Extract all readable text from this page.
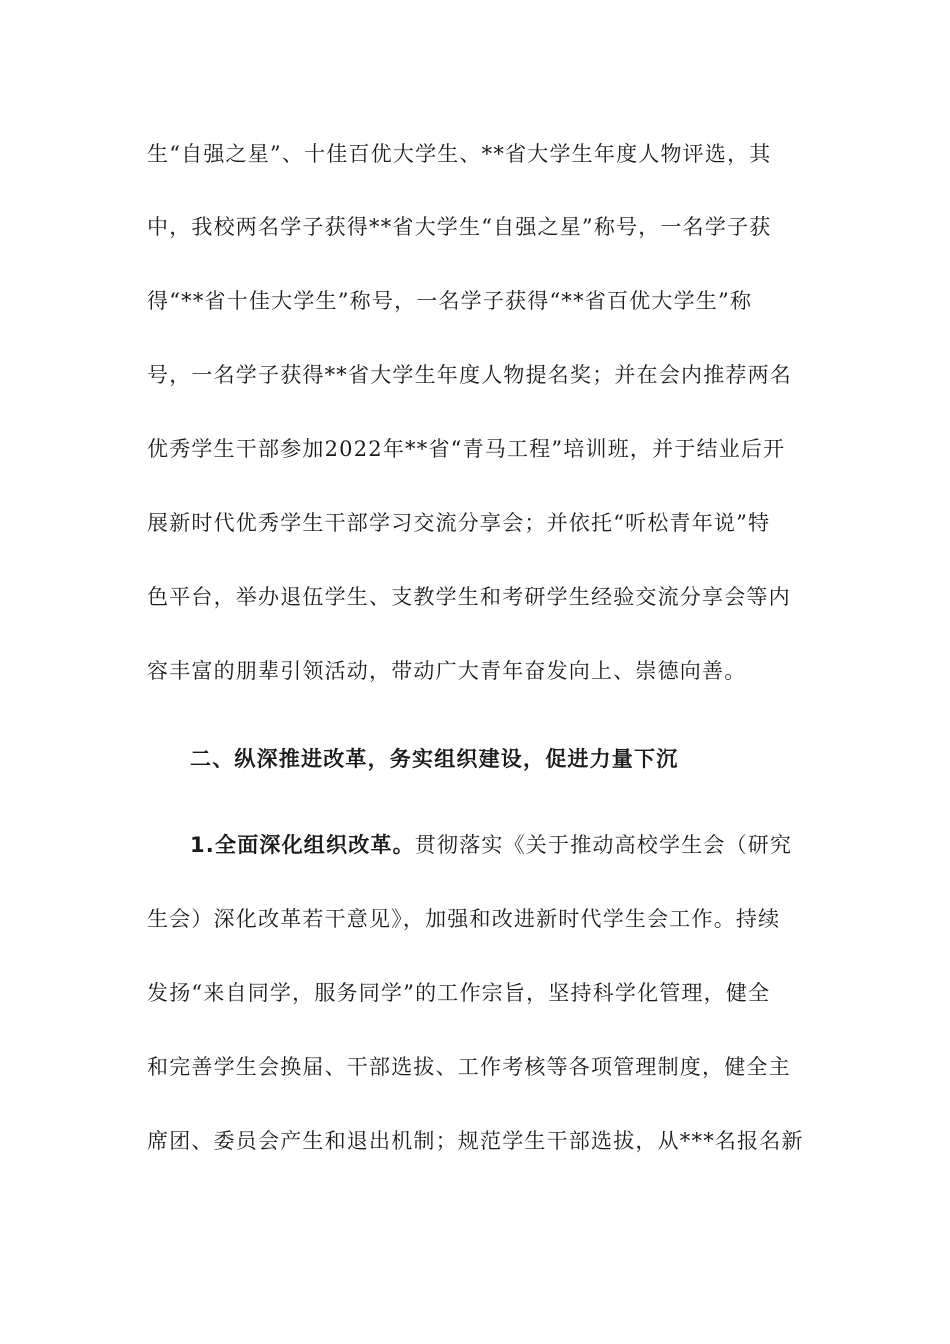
生“自强之星”、十佳百优大学生、**省大学生年度人物评选，其
中，我校两名学子获得**省大学生“自强之星”称号，一名学子获
得“**省十佳大学生”称号，一名学子获得“**省百优大学生”称
号，一名学子获得**省大学生年度人物提名奖；并在会内推荐两名
优秀学生干部参加2022年**省“青马工程”培训班，并于结业后开
展新时代优秀学生干部学习交流分享会；并依托“听松青年说”特
色平台，举办退伍学生、支教学生和考研学生经验交流分享会等内
容丰富的朋辈引领活动，带动广大青年奋发向上、崇德向善。
二、纵深推进改革，务实组织建设，促进力量下沉
1.全面深化组织改革。贯彻落实《关于推动高校学生会（研究
生会）深化改革若干意见》，加强和改进新时代学生会工作。持续
发扬“来自同学，服务同学”的工作宗旨，坚持科学化管理，健全
和完善学生会换届、干部选拔、工作考核等各项管理制度，健全主
席团、委员会产生和退出机制；规范学生干部选拔，从***名报名新
